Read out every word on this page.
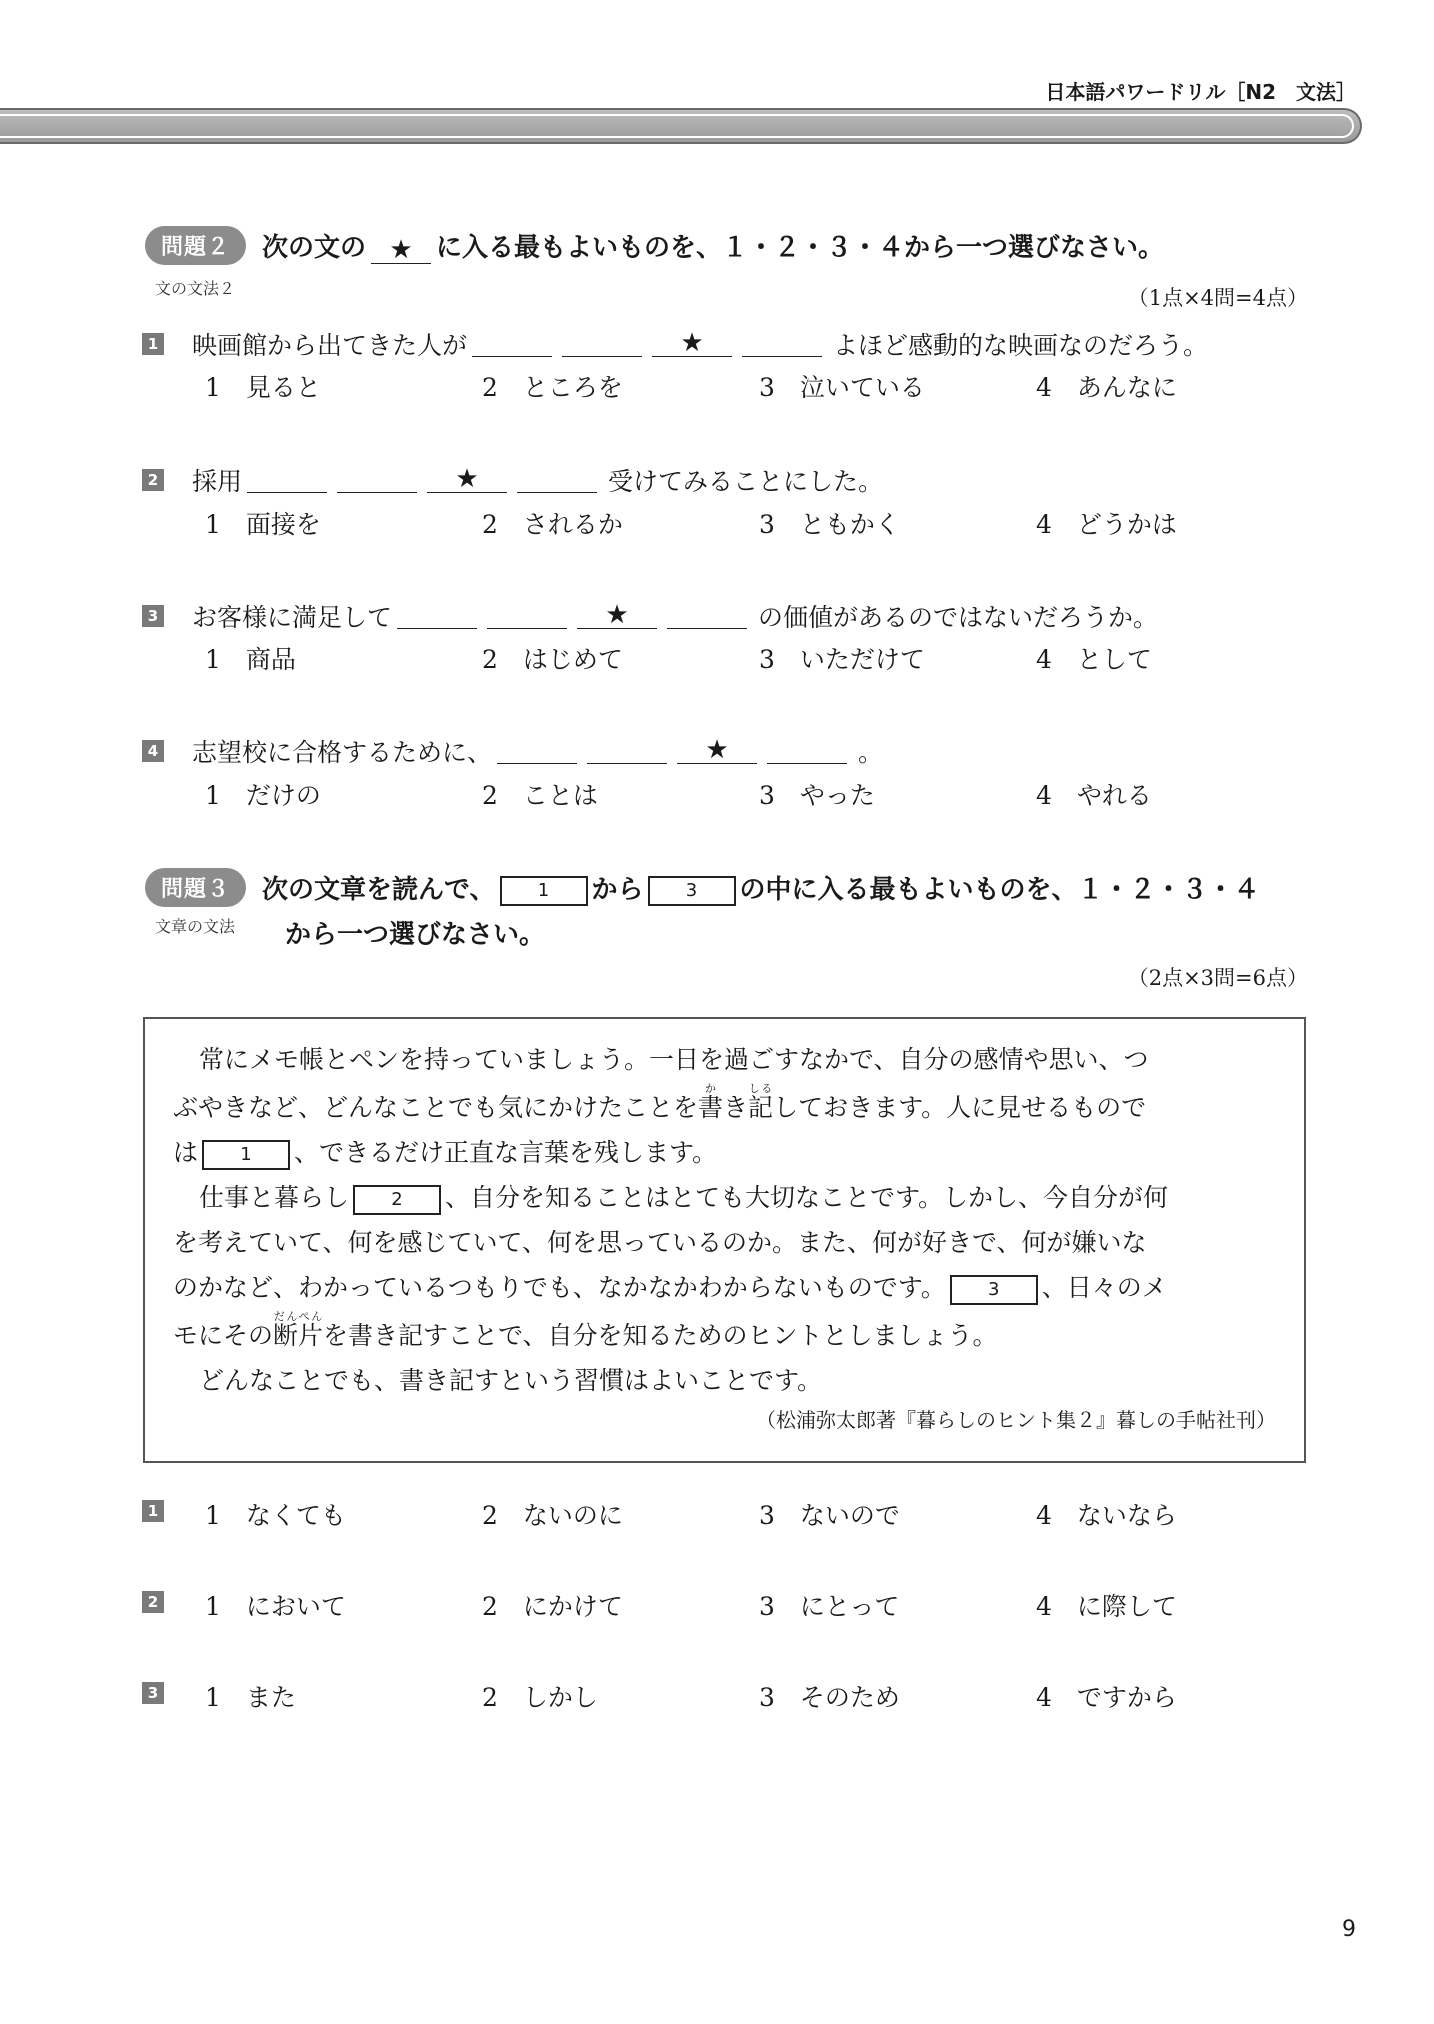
日本語パワードリル［N2　文法］
問題２	次の文の ★ に入る最もよいものを、１・２・３・４から一つ選びなさい。
文の文法２	（1点×4問=4点）
1 映画館から出てきた人が	★	よほど感動的な映画なのだろう。
1　見ると	2　ところを	3　泣いている	4　あんなに
2 採用	★	受けてみることにした。
1　面接を	2　されるか	3　ともかく	4　どうかは
3 お客様に満足して	★	の価値があるのではないだろうか。
1　商品	2　はじめて	3　いただけて	4　として
4 志望校に合格するために、	★	。
1　だけの	2　ことは	3　やった	4　やれる
問題３	次の文章を読んで、 1 から 3 の中に入る最もよいものを、１・２・３・４
から一つ選びなさい。
文章の文法
（2点×3問=6点）
常にメモ帳とペンを持っていましょう。一日を過ごすなかで、自分の感情や思い、つ
ぶやきなど、どんなことでも気にかけたことを書かき記しるしておきます。人に見せるもので
は 1 、できるだけ正直な言葉を残します。
仕事と暮らし 2 、自分を知ることはとても大切なことです。しかし、今自分が何
を考えていて、何を感じていて、何を思っているのか。また、何が好きで、何が嫌いな
のかなど、わかっているつもりでも、なかなかわからないものです。 3 、日々のメ
モにその断片だんぺんを書き記すことで、自分を知るためのヒントとしましょう。
どんなことでも、書き記すという習慣はよいことです。
（松浦弥太郎著『暮らしのヒント集２』暮しの手帖社刊）
1 1　なくても	2　ないのに	3　ないので	4　ないなら
2 1　において	2　にかけて	3　にとって	4　に際して
3 1　また	2　しかし	3　そのため	4　ですから
9
